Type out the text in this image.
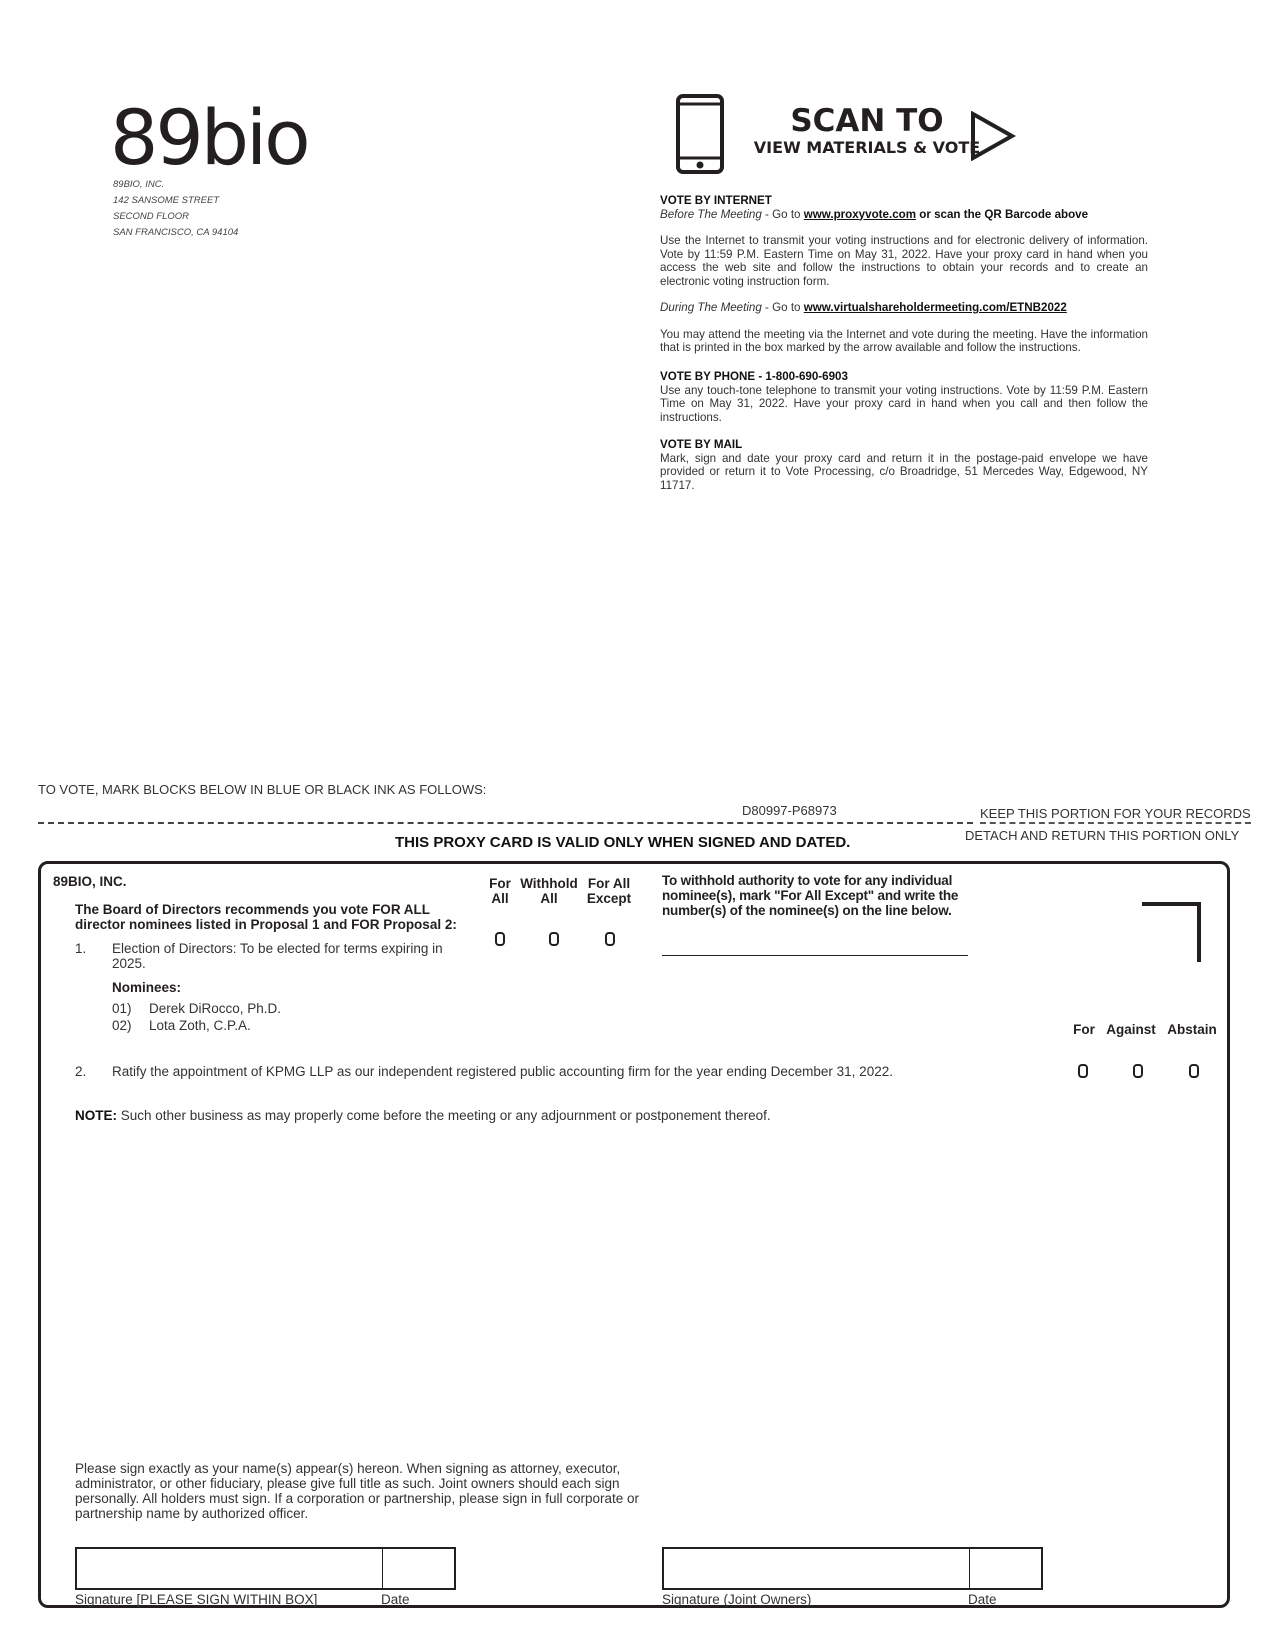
89bio
89BIO, INC.
142 SANSOME STREET
SECOND FLOOR
SAN FRANCISCO, CA 94104
SCAN TO
VIEW MATERIALS & VOTE
VOTE BY INTERNET

Before The Meeting - Go to www.proxyvote.com or scan the QR Barcode above

Use the Internet to transmit your voting instructions and for electronic delivery of information. Vote by 11:59 P.M. Eastern Time on May 31, 2022. Have your proxy card in hand when you access the web site and follow the instructions to obtain your records and to create an electronic voting instruction form.

During The Meeting - Go to www.virtualshareholdermeeting.com/ETNB2022

You may attend the meeting via the Internet and vote during the meeting. Have the information that is printed in the box marked by the arrow available and follow the instructions.

VOTE BY PHONE - 1-800-690-6903

Use any touch-tone telephone to transmit your voting instructions. Vote by 11:59 P.M. Eastern Time on May 31, 2022. Have your proxy card in hand when you call and then follow the instructions.

VOTE BY MAIL

Mark, sign and date your proxy card and return it in the postage-paid envelope we have provided or return it to Vote Processing, c/o Broadridge, 51 Mercedes Way, Edgewood, NY 11717.

TO VOTE, MARK BLOCKS BELOW IN BLUE OR BLACK INK AS FOLLOWS:
D80997-P68973	KEEP THIS PORTION FOR YOUR RECORDS
DETACH AND RETURN THIS PORTION ONLY
THIS PROXY CARD IS VALID ONLY WHEN SIGNED AND DATED.
89BIO, INC.
The Board of Directors recommends you vote FOR ALL director nominees listed in Proposal 1 and FOR Proposal 2:
For
All
Withhold
All
For All
Except
To withhold authority to vote for any individual nominee(s), mark "For All Except" and write the number(s) of the nominee(s) on the line below.
1. Election of Directors: To be elected for terms expiring in 2025.
Nominees:
01) Derek DiRocco, Ph.D.
02) Lota Zoth, C.P.A.	For Against Abstain
2. Ratify the appointment of KPMG LLP as our independent registered public accounting firm for the year ending December 31, 2022.
NOTE: Such other business as may properly come before the meeting or any adjournment or postponement thereof.
Please sign exactly as your name(s) appear(s) hereon. When signing as attorney, executor, administrator, or other fiduciary, please give full title as such. Joint owners should each sign personally. All holders must sign. If a corporation or partnership, please sign in full corporate or partnership name by authorized officer.
Signature [PLEASE SIGN WITHIN BOX]	Date	Signature (Joint Owners)	Date
